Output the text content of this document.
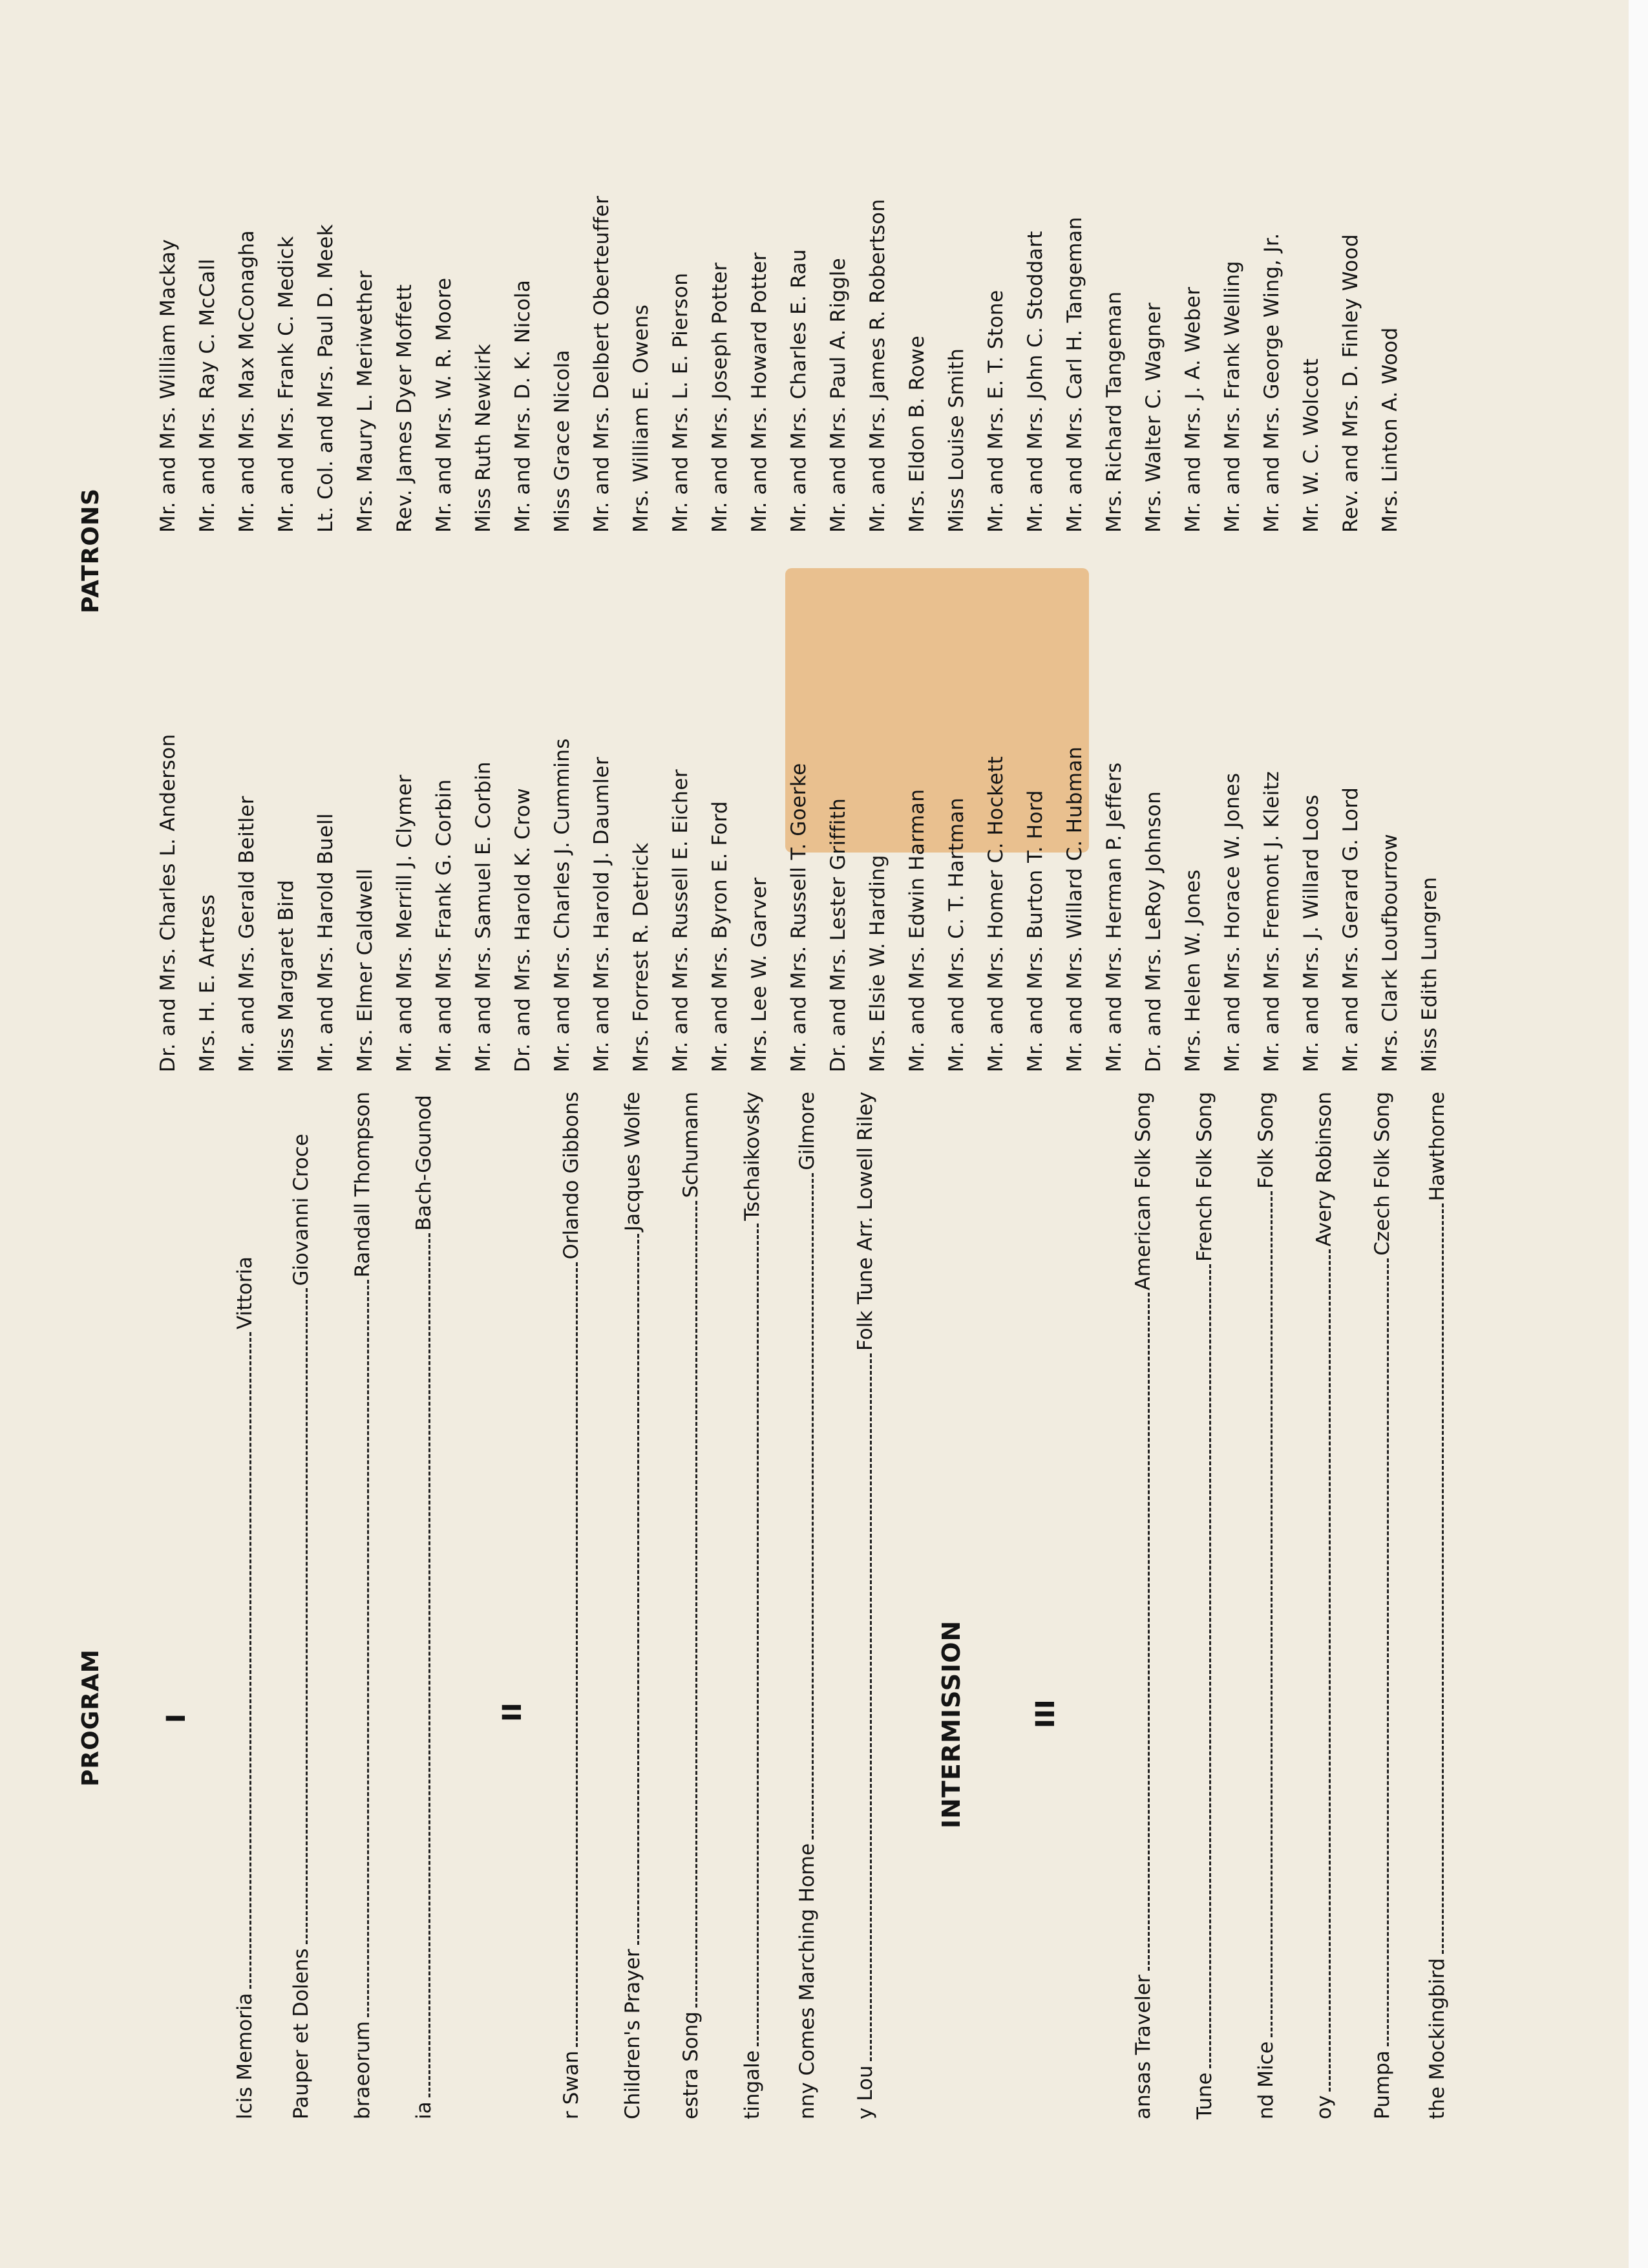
PROGRAM I
lcis Memoria
Vittoria
Pauper et Dolens
Giovanni Croce
braeorum
Randall Thompson
ia
Bach-Gounod
II
r Swan
Orlando Gibbons
Children's Prayer
Jacques Wolfe
estra Song
Schumann
tingale
Tschaikovsky
nny Comes Marching Home
Gilmore
y Lou
Folk Tune Arr. Lowell Riley
INTERMISSION	III
ansas Traveler
American Folk Song
Tune
French Folk Song
nd Mice
Folk Song
oy
Avery Robinson
Pumpa
Czech Folk Song
the Mockingbird
Hawthorne
PATRONS
Dr. and Mrs. Charles L. Anderson Mrs. H. E. Artress Mr. and Mrs. Gerald Beitler Miss Margaret Bird Mr. and Mrs. Harold Buell Mrs. Elmer Caldwell Mr. and Mrs. Merrill J. Clymer Mr. and Mrs. Frank G. Corbin Mr. and Mrs. Samuel E. Corbin Dr. and Mrs. Harold K. Crow Mr. and Mrs. Charles J. Cummins Mr. and Mrs. Harold J. Daumler Mrs. Forrest R. Detrick Mr. and Mrs. Russell E. Eicher Mr. and Mrs. Byron E. Ford Mrs. Lee W. Garver Mr. and Mrs. Russell T. Goerke Dr. and Mrs. Lester Griffith Mrs. Elsie W. Harding Mr. and Mrs. Edwin Harman Mr. and Mrs. C. T. Hartman Mr. and Mrs. Homer C. Hockett Mr. and Mrs. Burton T. Hord Mr. and Mrs. Willard C. Hubman Mr. and Mrs. Herman P. Jeffers Dr. and Mrs. LeRoy Johnson Mrs. Helen W. Jones Mr. and Mrs. Horace W. Jones Mr. and Mrs. Fremont J. Kleitz Mr. and Mrs. J. Willard Loos Mr. and Mrs. Gerard G. Lord Mrs. Clark Loufbourrow Miss Edith Lungren
Mr. and Mrs. William Mackay Mr. and Mrs. Ray C. McCall Mr. and Mrs. Max McConagha Mr. and Mrs. Frank C. Medick Lt. Col. and Mrs. Paul D. Meek Mrs. Maury L. Meriwether Rev. James Dyer Moffett Mr. and Mrs. W. R. Moore Miss Ruth Newkirk Mr. and Mrs. D. K. Nicola Miss Grace Nicola Mr. and Mrs. Delbert Oberteuffer Mrs. William E. Owens Mr. and Mrs. L. E. Pierson Mr. and Mrs. Joseph Potter Mr. and Mrs. Howard Potter Mr. and Mrs. Charles E. Rau Mr. and Mrs. Paul A. Riggle Mr. and Mrs. James R. Robertson Mrs. Eldon B. Rowe Miss Louise Smith Mr. and Mrs. E. T. Stone Mr. and Mrs. John C. Stoddart Mr. and Mrs. Carl H. Tangeman Mrs. Richard Tangeman Mrs. Walter C. Wagner Mr. and Mrs. J. A. Weber Mr. and Mrs. Frank Welling Mr. and Mrs. George Wing, Jr. Mr. W. C. Wolcott Rev. and Mrs. D. Finley Wood Mrs. Linton A. Wood
